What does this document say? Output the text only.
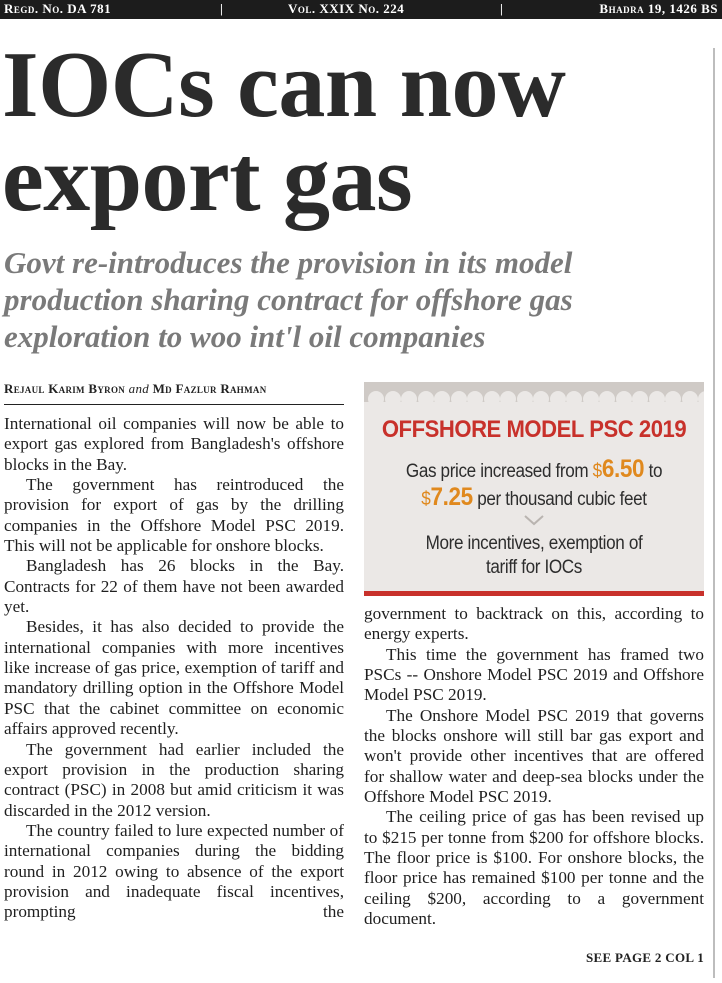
Regd. No. DA 781	|	Vol. XXIX No. 224	|	Bhadra 19, 1426 BS
IOCs can now export gas
Govt re-introduces the provision in its model production sharing contract for offshore gas exploration to woo int'l oil companies
Rejaul Karim Byron and Md Fazlur Rahman

International oil companies will now be able to export gas explored from Bangladesh's offshore blocks in the Bay.

The government has reintroduced the provision for export of gas by the drilling companies in the Offshore Model PSC 2019. This will not be applicable for onshore blocks.

Bangladesh has 26 blocks in the Bay. Contracts for 22 of them have not been awarded yet.

Besides, it has also decided to provide the international companies with more incentives like increase of gas price, exemption of tariff and mandatory drilling option in the Offshore Model PSC that the cabinet committee on economic affairs approved recently.

The government had earlier included the export provision in the production sharing contract (PSC) in 2008 but amid criticism it was discarded in the 2012 version.

The country failed to lure expected number of international companies during the bidding round in 2012 owing to absence of the export provision and inadequate fiscal incentives, prompting the

OFFSHORE MODEL PSC 2019
Gas price increased from $6.50 to
$7.25 per thousand cubic feet
More incentives, exemption of tariff for IOCs

government to backtrack on this, according to energy experts.

This time the government has framed two PSCs -- Onshore Model PSC 2019 and Offshore Model PSC 2019.

The Onshore Model PSC 2019 that governs the blocks onshore will still bar gas export and won't provide other incentives that are offered for shallow water and deep-sea blocks under the Offshore Model PSC 2019.

The ceiling price of gas has been revised up to $215 per tonne from $200 for offshore blocks. The floor price is $100. For onshore blocks, the floor price has remained $100 per tonne and the ceiling $200, according to a government document.

SEE PAGE 2 COL 1
